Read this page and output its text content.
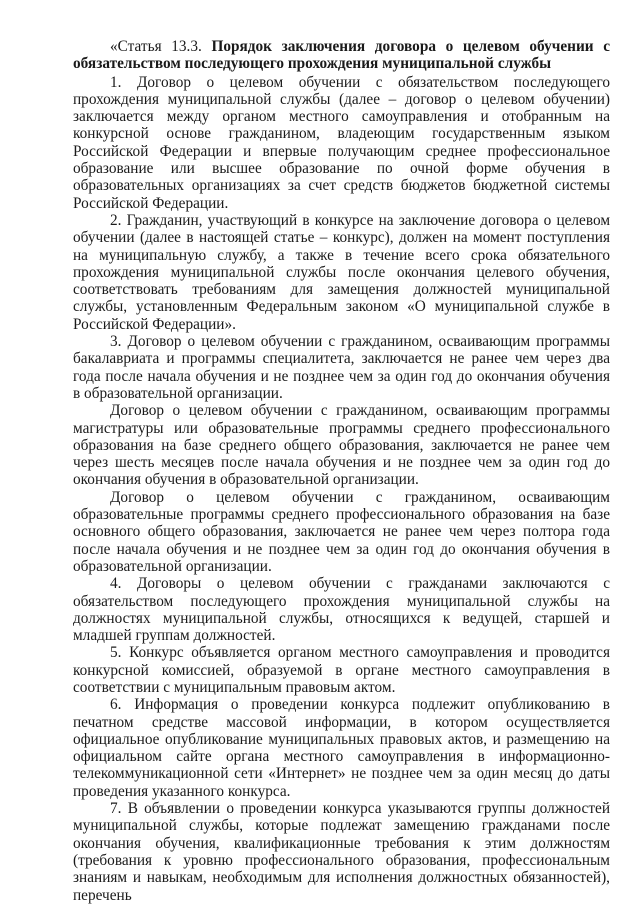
«Статья 13.3. Порядок заключения договора о целевом обучении с обязательством последующего прохождения муниципальной службы

1. Договор о целевом обучении с обязательством последующего прохождения муниципальной службы (далее – договор о целевом обучении) заключается между органом местного самоуправления и отобранным на конкурсной основе гражданином, владеющим государственным языком Российской Федерации и впервые получающим среднее профессиональное образование или высшее образование по очной форме обучения в образовательных организациях за счет средств бюджетов бюджетной системы Российской Федерации.

2. Гражданин, участвующий в конкурсе на заключение договора о целевом обучении (далее в настоящей статье – конкурс), должен на момент поступления на муниципальную службу, а также в течение всего срока обязательного прохождения муниципальной службы после окончания целевого обучения, соответствовать требованиям для замещения должностей муниципальной службы, установленным Федеральным законом «О муниципальной службе в Российской Федерации».

3. Договор о целевом обучении с гражданином, осваивающим программы бакалавриата и программы специалитета, заключается не ранее чем через два года после начала обучения и не позднее чем за один год до окончания обучения в образовательной организации.

Договор о целевом обучении с гражданином, осваивающим программы магистратуры или образовательные программы среднего профессионального образования на базе среднего общего образования, заключается не ранее чем через шесть месяцев после начала обучения и не позднее чем за один год до окончания обучения в образовательной организации.

Договор о целевом обучении с гражданином, осваивающим образовательные программы среднего профессионального образования на базе основного общего образования, заключается не ранее чем через полтора года после начала обучения и не позднее чем за один год до окончания обучения в образовательной организации.

4. Договоры о целевом обучении с гражданами заключаются с обязательством последующего прохождения муниципальной службы на должностях муниципальной службы, относящихся к ведущей, старшей и младшей группам должностей.

5. Конкурс объявляется органом местного самоуправления и проводится конкурсной комиссией, образуемой в органе местного самоуправления в соответствии с муниципальным правовым актом.

6. Информация о проведении конкурса подлежит опубликованию в печатном средстве массовой информации, в котором осуществляется официальное опубликование муниципальных правовых актов, и размещению на официальном сайте органа местного самоуправления в информационно-телекоммуникационной сети «Интернет» не позднее чем за один месяц до даты проведения указанного конкурса.

7. В объявлении о проведении конкурса указываются группы должностей муниципальной службы, которые подлежат замещению гражданами после окончания обучения, квалификационные требования к этим должностям (требования к уровню профессионального образования, профессиональным знаниям и навыкам, необходимым для исполнения должностных обязанностей), перечень
